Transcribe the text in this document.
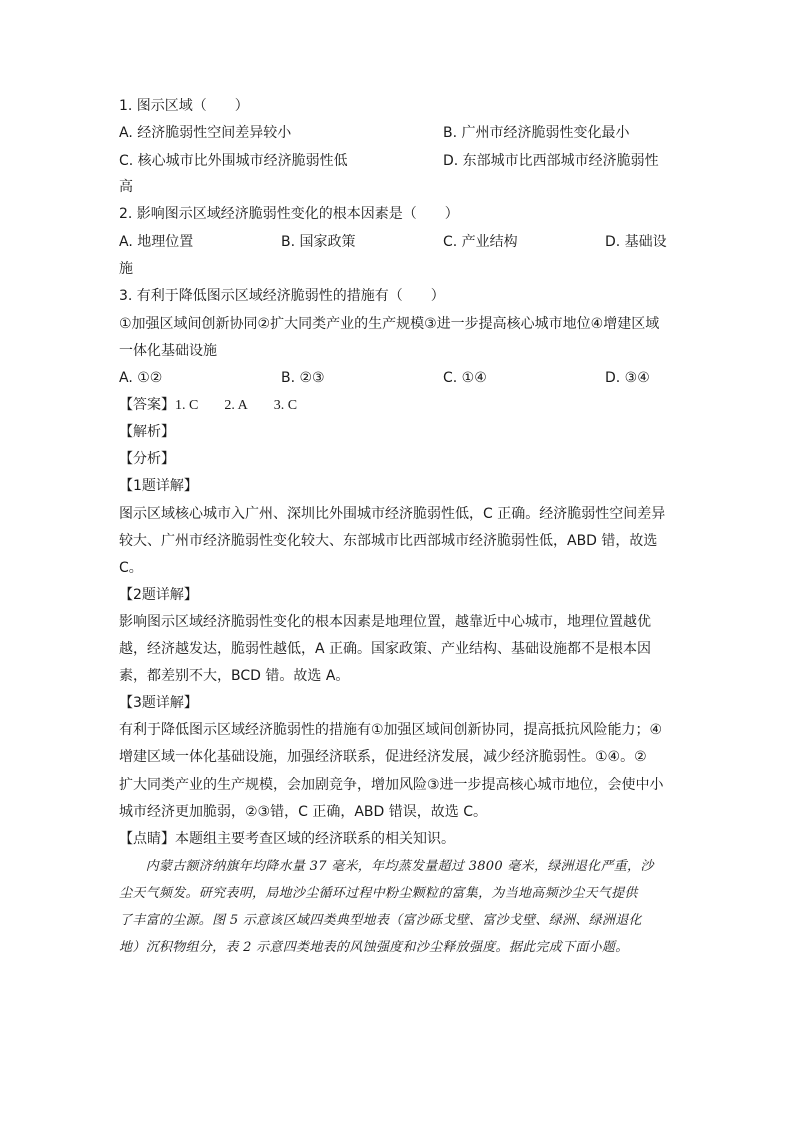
1. 图示区域（　　）
A. 经济脆弱性空间差异较小	B. 广州市经济脆弱性变化最小
C. 核心城市比外围城市经济脆弱性低	D. 东部城市比西部城市经济脆弱性
高
2. 影响图示区域经济脆弱性变化的根本因素是（　　）
A. 地理位置	B. 国家政策	C. 产业结构	D. 基础设
施
3. 有利于降低图示区域经济脆弱性的措施有（　　）
①加强区域间创新协同②扩大同类产业的生产规模③进一步提高核心城市地位④增建区域
一体化基础设施
A. ①②	B. ②③	C. ①④	D. ③④
【答案】1. C 2. A 3. C
【解析】
【分析】
【1题详解】
图示区域核心城市入广州、深圳比外围城市经济脆弱性低，C 正确。经济脆弱性空间差异
较大、广州市经济脆弱性变化较大、东部城市比西部城市经济脆弱性低，ABD 错，故选
C。
【2题详解】
影响图示区域经济脆弱性变化的根本因素是地理位置，越靠近中心城市，地理位置越优
越，经济越发达，脆弱性越低，A 正确。国家政策、产业结构、基础设施都不是根本因
素，都差别不大，BCD 错。故选 A。
【3题详解】
有利于降低图示区域经济脆弱性的措施有①加强区域间创新协同，提高抵抗风险能力；④
增建区域一体化基础设施，加强经济联系，促进经济发展，减少经济脆弱性。①④。②
扩大同类产业的生产规模，会加剧竞争，增加风险③进一步提高核心城市地位，会使中小
城市经济更加脆弱，②③错，C 正确，ABD 错误，故选 C。
【点睛】本题组主要考查区域的经济联系的相关知识。
　　内蒙古额济纳旗年均降水量 37 毫米，年均蒸发量超过 3800 毫米，绿洲退化严重，沙
尘天气频发。研究表明，局地沙尘循环过程中粉尘颗粒的富集，为当地高频沙尘天气提供
了丰富的尘源。图 5 示意该区域四类典型地表（富沙砾戈壁、富沙戈壁、绿洲、绿洲退化
地）沉积物组分，表 2 示意四类地表的风蚀强度和沙尘释放强度。据此完成下面小题。
